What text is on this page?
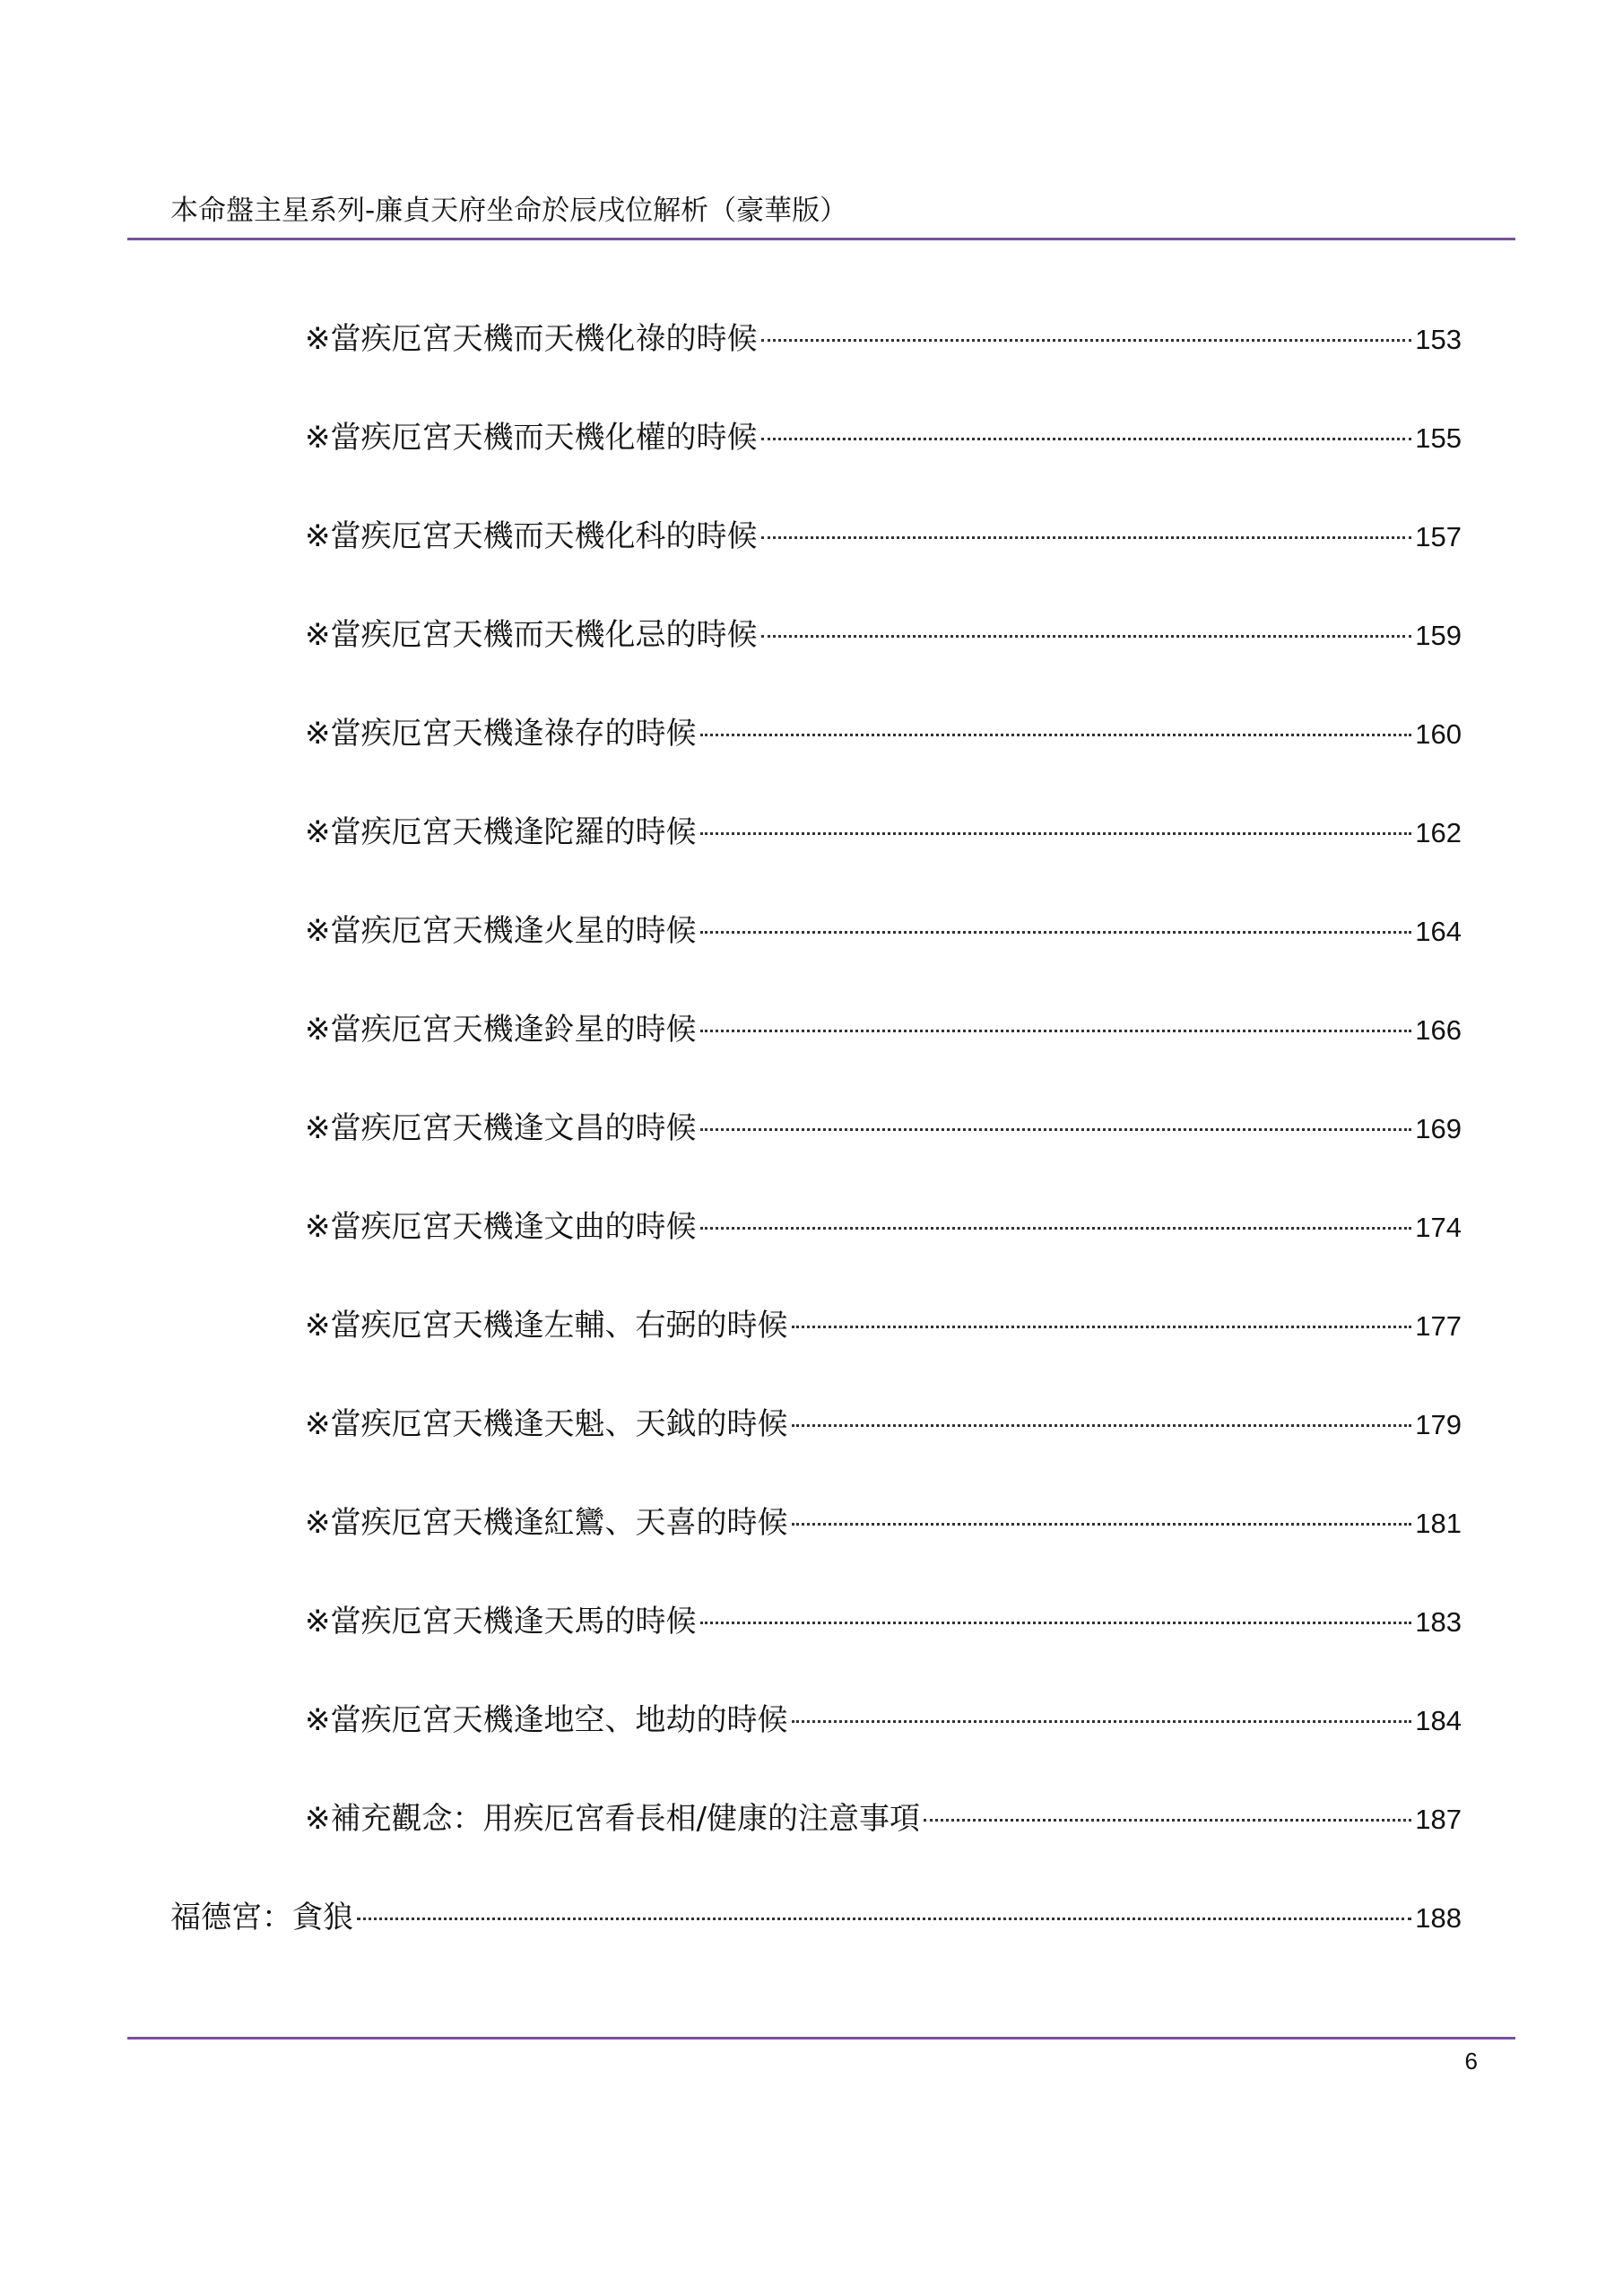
本命盤主星系列-廉貞天府坐命於辰戌位解析（豪華版）
※當疾厄宮天機而天機化祿的時候	153
※當疾厄宮天機而天機化權的時候	155
※當疾厄宮天機而天機化科的時候	157
※當疾厄宮天機而天機化忌的時候	159
※當疾厄宮天機逢祿存的時候	160
※當疾厄宮天機逢陀羅的時候	162
※當疾厄宮天機逢火星的時候	164
※當疾厄宮天機逢鈴星的時候	166
※當疾厄宮天機逢文昌的時候	169
※當疾厄宮天機逢文曲的時候	174
※當疾厄宮天機逢左輔、右弼的時候	177
※當疾厄宮天機逢天魁、天鉞的時候	179
※當疾厄宮天機逢紅鸞、天喜的時候	181
※當疾厄宮天機逢天馬的時候	183
※當疾厄宮天機逢地空、地劫的時候	184
※補充觀念：用疾厄宮看長相/健康的注意事項	187
福德宮：貪狼	188
6
